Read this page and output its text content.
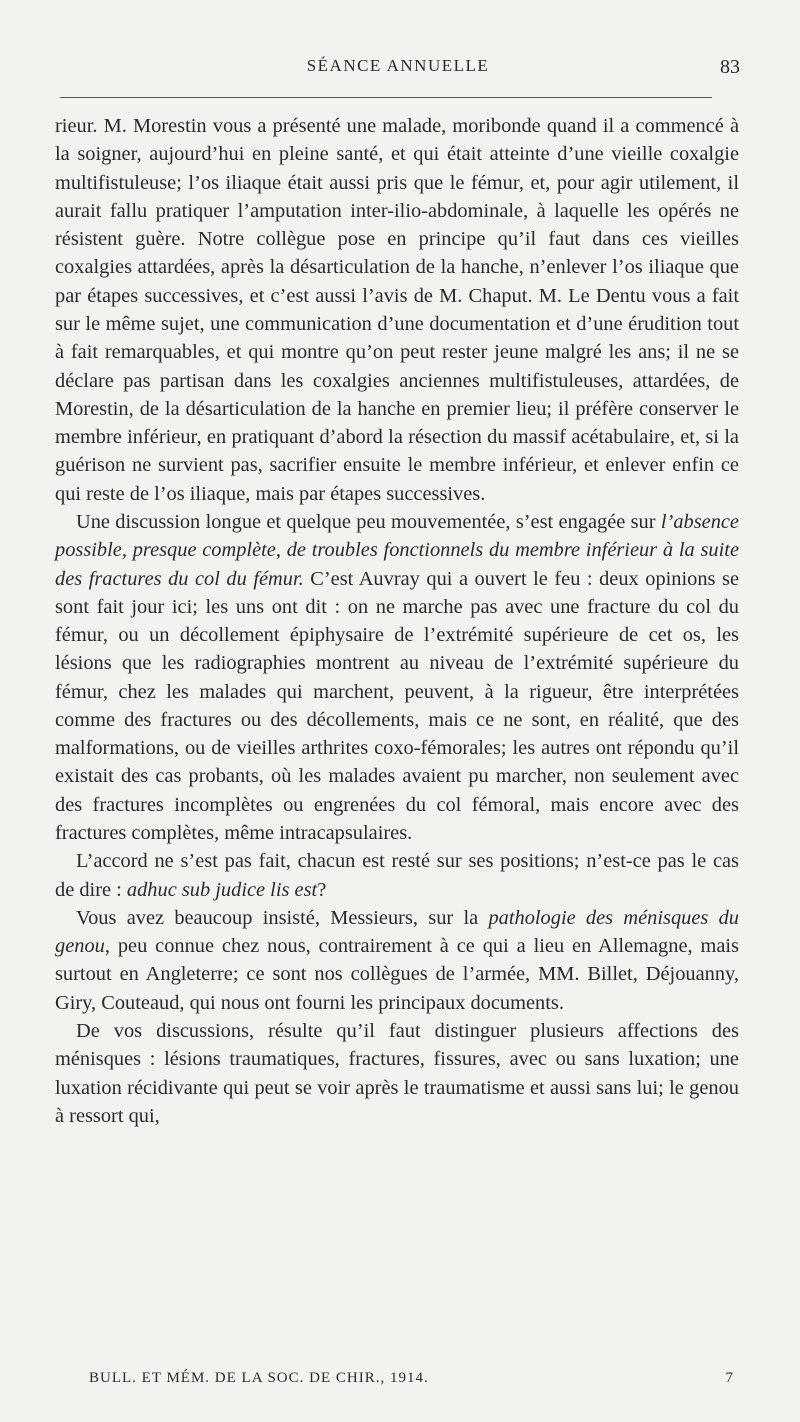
SÉANCE ANNUELLE	83

rieur. M. Morestin vous a présenté une malade, moribonde quand il a commencé à la soigner, aujourd’hui en pleine santé, et qui était atteinte d’une vieille coxalgie multifistuleuse; l’os iliaque était aussi pris que le fémur, et, pour agir utilement, il aurait fallu pratiquer l’amputation inter-ilio-abdominale, à laquelle les opérés ne résistent guère. Notre collègue pose en principe qu’il faut dans ces vieilles coxalgies attardées, après la désarticulation de la hanche, n’enlever l’os iliaque que par étapes successives, et c’est aussi l’avis de M. Chaput. M. Le Dentu vous a fait sur le même sujet, une communication d’une documentation et d’une érudition tout à fait remarquables, et qui montre qu’on peut rester jeune malgré les ans; il ne se déclare pas partisan dans les coxalgies anciennes multifistuleuses, attardées, de Morestin, de la désarticulation de la hanche en premier lieu; il préfère conserver le membre inférieur, en pratiquant d’abord la résection du massif acétabulaire, et, si la guérison ne survient pas, sacrifier ensuite le membre inférieur, et enlever enfin ce qui reste de l’os iliaque, mais par étapes successives.

Une discussion longue et quelque peu mouvementée, s’est engagée sur l’absence possible, presque complète, de troubles fonctionnels du membre inférieur à la suite des fractures du col du fémur. C’est Auvray qui a ouvert le feu : deux opinions se sont fait jour ici; les uns ont dit : on ne marche pas avec une fracture du col du fémur, ou un décollement épiphysaire de l’extrémité supérieure de cet os, les lésions que les radiographies montrent au niveau de l’extrémité supérieure du fémur, chez les malades qui marchent, peuvent, à la rigueur, être interprétées comme des fractures ou des décollements, mais ce ne sont, en réalité, que des malformations, ou de vieilles arthrites coxo-fémorales; les autres ont répondu qu’il existait des cas probants, où les malades avaient pu marcher, non seulement avec des fractures incomplètes ou engrenées du col fémoral, mais encore avec des fractures complètes, même intracapsulaires.

L’accord ne s’est pas fait, chacun est resté sur ses positions; n’est-ce pas le cas de dire : adhuc sub judice lis est?

Vous avez beaucoup insisté, Messieurs, sur la pathologie des ménisques du genou, peu connue chez nous, contrairement à ce qui a lieu en Allemagne, mais surtout en Angleterre; ce sont nos collègues de l’armée, MM. Billet, Déjouanny, Giry, Couteaud, qui nous ont fourni les principaux documents.

De vos discussions, résulte qu’il faut distinguer plusieurs affections des ménisques : lésions traumatiques, fractures, fissures, avec ou sans luxation; une luxation récidivante qui peut se voir après le traumatisme et aussi sans lui; le genou à ressort qui,

BULL. ET MÉM. DE LA SOC. DE CHIR., 1914.	7
